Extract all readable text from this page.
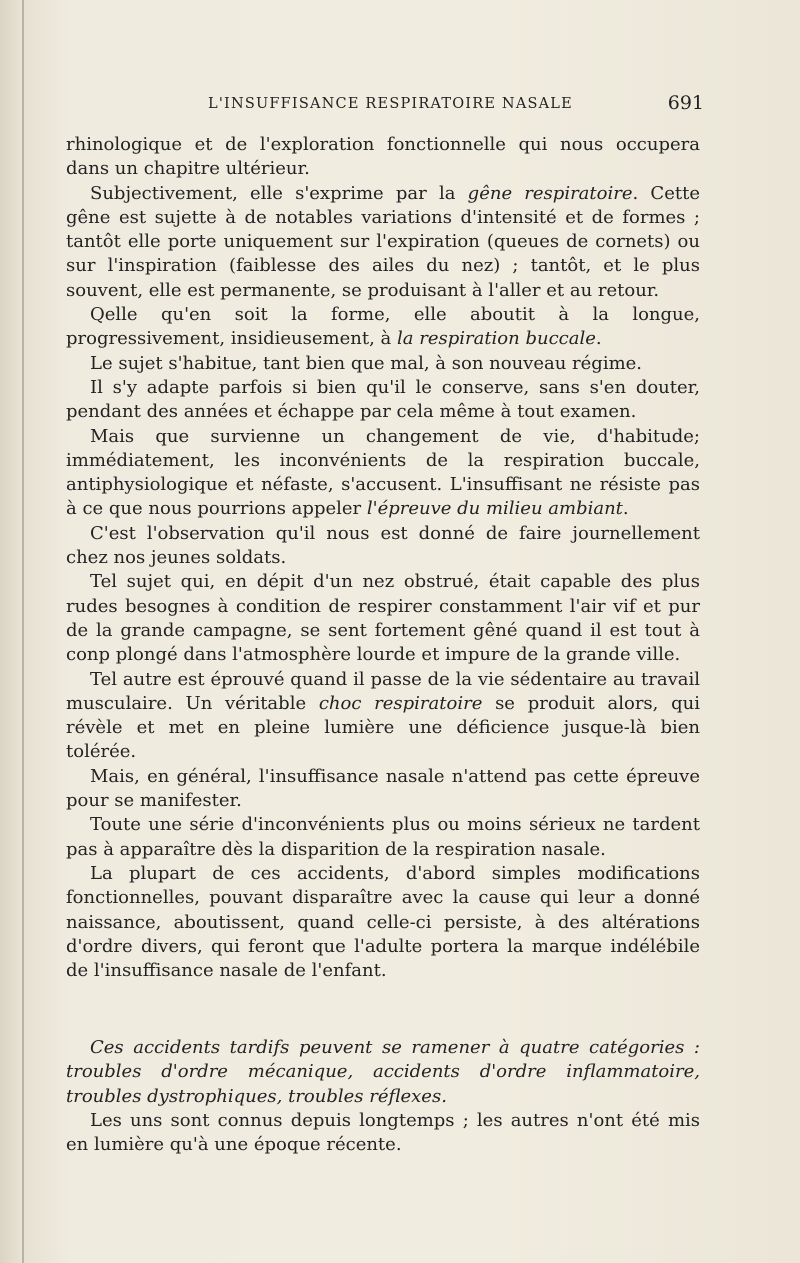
L'INSUFFISANCE RESPIRATOIRE NASALE	691

rhinologique et de l'exploration fonctionnelle qui nous occupera dans un chapitre ultérieur.

Subjectivement, elle s'exprime par la gêne respiratoire. Cette gêne est sujette à de notables variations d'intensité et de formes ; tantôt elle porte uniquement sur l'expiration (queues de cornets) ou sur l'inspiration (faiblesse des ailes du nez) ; tantôt, et le plus souvent, elle est permanente, se produisant à l'aller et au retour.

Qelle qu'en soit la forme, elle aboutit à la longue, progressivement, insidieusement, à la respiration buccale.

Le sujet s'habitue, tant bien que mal, à son nouveau régime.

Il s'y adapte parfois si bien qu'il le conserve, sans s'en douter, pendant des années et échappe par cela même à tout examen.

Mais que survienne un changement de vie, d'habitude; immédiatement, les inconvénients de la respiration buccale, antiphysiologique et néfaste, s'accusent. L'insuffisant ne résiste pas à ce que nous pourrions appeler l'épreuve du milieu ambiant.

C'est l'observation qu'il nous est donné de faire journellement chez nos jeunes soldats.

Tel sujet qui, en dépit d'un nez obstrué, était capable des plus rudes besognes à condition de respirer constamment l'air vif et pur de la grande campagne, se sent fortement gêné quand il est tout à conp plongé dans l'atmosphère lourde et impure de la grande ville.

Tel autre est éprouvé quand il passe de la vie sédentaire au travail musculaire. Un véritable choc respiratoire se produit alors, qui révèle et met en pleine lumière une déficience jusque-là bien tolérée.

Mais, en général, l'insuffisance nasale n'attend pas cette épreuve pour se manifester.

Toute une série d'inconvénients plus ou moins sérieux ne tardent pas à apparaître dès la disparition de la respiration nasale.

La plupart de ces accidents, d'abord simples modifications fonctionnelles, pouvant disparaître avec la cause qui leur a donné naissance, aboutissent, quand celle-ci persiste, à des altérations d'ordre divers, qui feront que l'adulte portera la marque indélébile de l'insuffisance nasale de l'enfant.

Ces accidents tardifs peuvent se ramener à quatre catégories : troubles d'ordre mécanique, accidents d'ordre inflammatoire, troubles dystrophiques, troubles réflexes.

Les uns sont connus depuis longtemps ; les autres n'ont été mis en lumière qu'à une époque récente.
